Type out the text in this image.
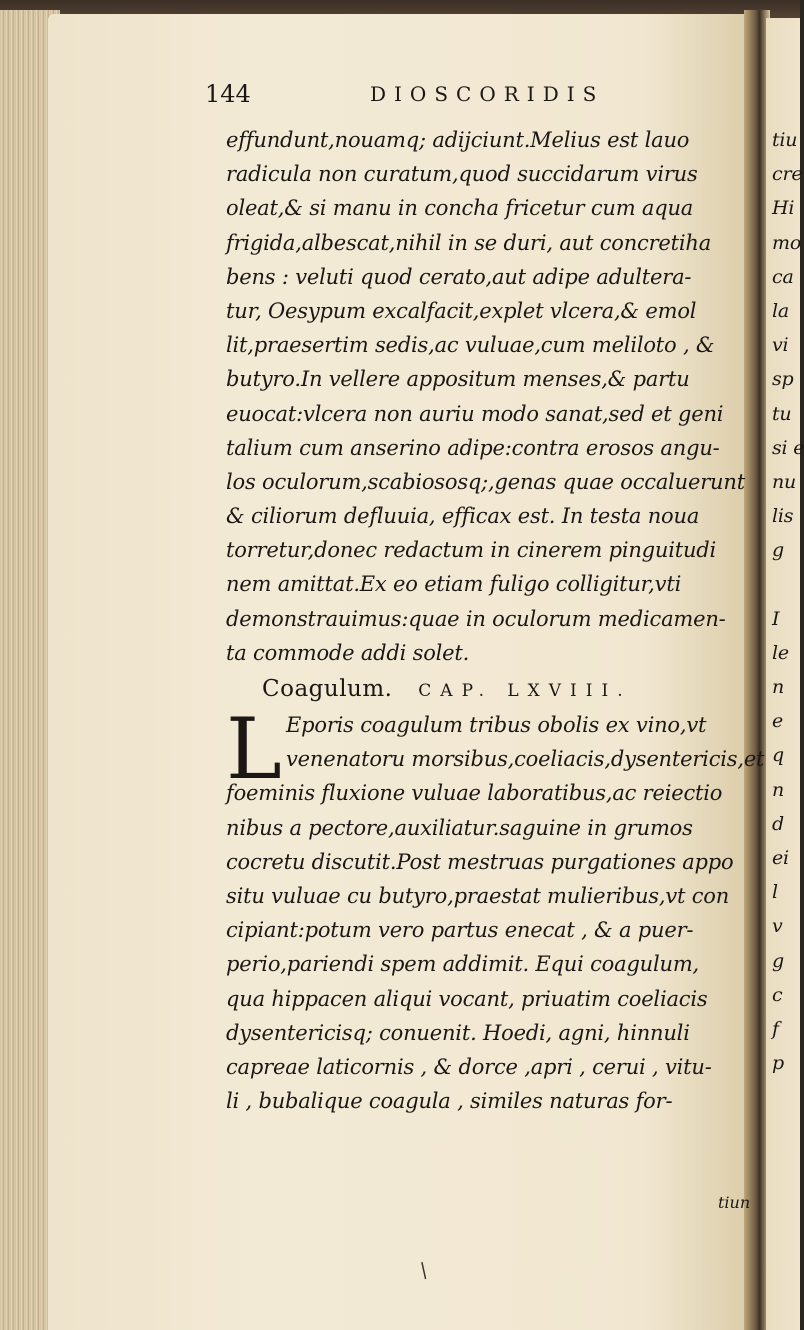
144	DIOSCORIDIS
effundunt,nouamq; adijciunt.Melius est lauo
radicula non curatum,quod succidarum virus
oleat,& si manu in concha fricetur cum aqua
frigida,albescat,nihil in se duri, aut concretiha
bens : veluti quod cerato,aut adipe adultera-
tur, Oesypum excalfacit,explet vlcera,& emol
lit,praesertim sedis,ac vuluae,cum meliloto , &
butyro.In vellere appositum menses,& partu
euocat:vlcera non auriu modo sanat,sed et geni
talium cum anserino adipe:contra erosos angu-
los oculorum,scabiososq;,genas quae occaluerunt
& ciliorum defluuia, efficax est. In testa noua
torretur,donec redactum in cinerem pinguitudi
nem amittat.Ex eo etiam fuligo colligitur,vti
demonstrauimus:quae in oculorum medicamen-
ta commode addi solet.
Coagulum. CAP. LXVIII.
L Eporis coagulum tribus obolis ex vino,vt
venenatoru morsibus,coeliacis,dysentericis,et
foeminis fluxione vuluae laboratibus,ac reiectio
nibus a pectore,auxiliatur.saguine in grumos
cocretu discutit.Post mestruas purgationes appo
situ vuluae cu butyro,praestat mulieribus,vt con
cipiant:potum vero partus enecat , & a puer-
perio,pariendi spem addimit. Equi coagulum,
qua hippacen aliqui vocant, priuatim coeliacis
dysentericisq; conuenit. Hoedi, agni, hinnuli
capreae laticornis , & dorce ,apri , cerui , vitu-
li , bubalique coagula , similes naturas for-
tiun
/
tiu
cre
Hi
mo
ca
la
vi
sp
tu
si e
nu
lis
g
I
le
n
e
q
n
d
ei
l
v
g
c
f
p
